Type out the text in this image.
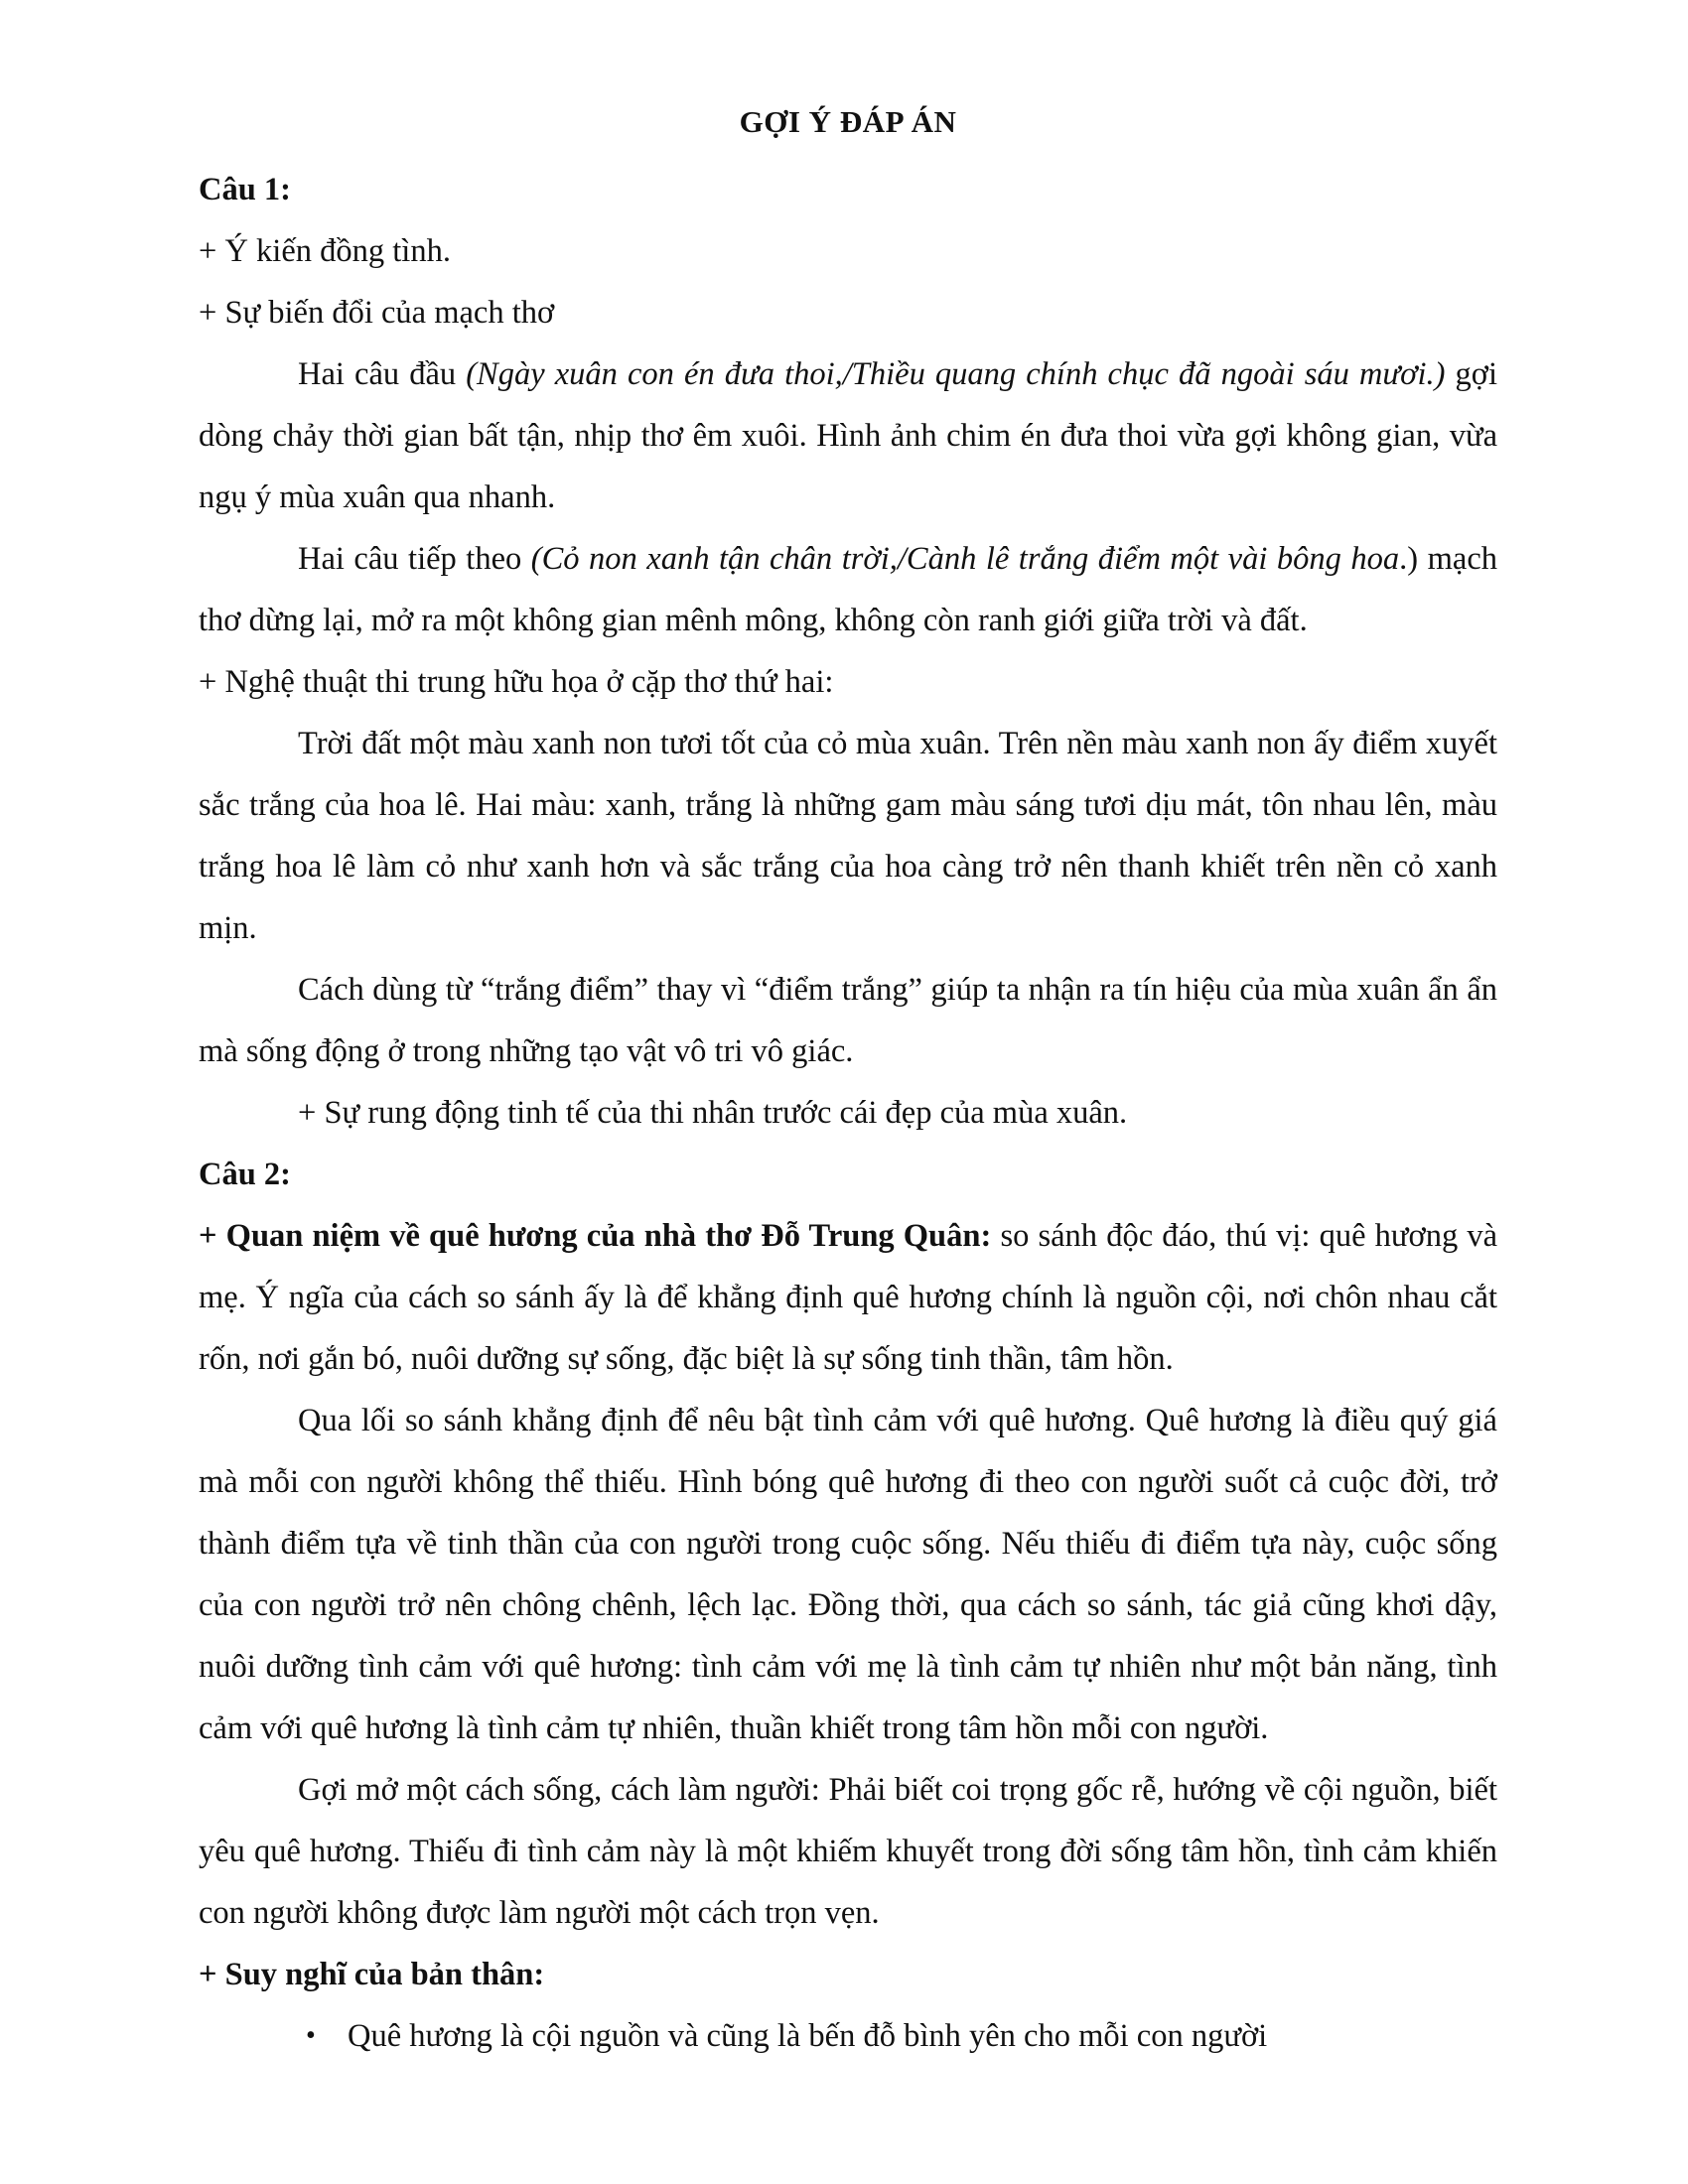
GỢI Ý ĐÁP ÁN

Câu 1:

+ Ý kiến đồng tình.

+ Sự biến đổi của mạch thơ

Hai câu đầu (Ngày xuân con én đưa thoi,/Thiều quang chính chục đã ngoài sáu mươi.) gợi dòng chảy thời gian bất tận, nhịp thơ êm xuôi. Hình ảnh chim én đưa thoi vừa gợi không gian, vừa ngụ ý mùa xuân qua nhanh.

Hai câu tiếp theo (Cỏ non xanh tận chân trời,/Cành lê trắng điểm một vài bông hoa.) mạch thơ dừng lại, mở ra một không gian mênh mông, không còn ranh giới giữa trời và đất.

+ Nghệ thuật thi trung hữu họa ở cặp thơ thứ hai:

Trời đất một màu xanh non tươi tốt của cỏ mùa xuân. Trên nền màu xanh non ấy điểm xuyết sắc trắng của hoa lê. Hai màu: xanh, trắng là những gam màu sáng tươi dịu mát, tôn nhau lên, màu trắng hoa lê làm cỏ như xanh hơn và sắc trắng của hoa càng trở nên thanh khiết trên nền cỏ xanh mịn.

Cách dùng từ “trắng điểm” thay vì “điểm trắng” giúp ta nhận ra tín hiệu của mùa xuân ẩn ẩn mà sống động ở trong những tạo vật vô tri vô giác.

+ Sự rung động tinh tế của thi nhân trước cái đẹp của mùa xuân.

Câu 2:

+ Quan niệm về quê hương của nhà thơ Đỗ Trung Quân: so sánh độc đáo, thú vị: quê hương và mẹ. Ý ngĩa của cách so sánh ấy là để khẳng định quê hương chính là nguồn cội, nơi chôn nhau cắt rốn, nơi gắn bó, nuôi dưỡng sự sống, đặc biệt là sự sống tinh thần, tâm hồn.

Qua lối so sánh khẳng định để nêu bật tình cảm với quê hương. Quê hương là điều quý giá mà mỗi con người không thể thiếu. Hình bóng quê hương đi theo con người suốt cả cuộc đời, trở thành điểm tựa về tinh thần của con người trong cuộc sống. Nếu thiếu đi điểm tựa này, cuộc sống của con người trở nên chông chênh, lệch lạc. Đồng thời, qua cách so sánh, tác giả cũng khơi dậy, nuôi dưỡng tình cảm với quê hương: tình cảm với mẹ là tình cảm tự nhiên như một bản năng, tình cảm với quê hương là tình cảm tự nhiên, thuần khiết trong tâm hồn mỗi con người.

Gợi mở một cách sống, cách làm người: Phải biết coi trọng gốc rễ, hướng về cội nguồn, biết yêu quê hương. Thiếu đi tình cảm này là một khiếm khuyết trong đời sống tâm hồn, tình cảm khiến con người không được làm người một cách trọn vẹn.

+ Suy nghĩ của bản thân:

• Quê hương là cội nguồn và cũng là bến đỗ bình yên cho mỗi con người
